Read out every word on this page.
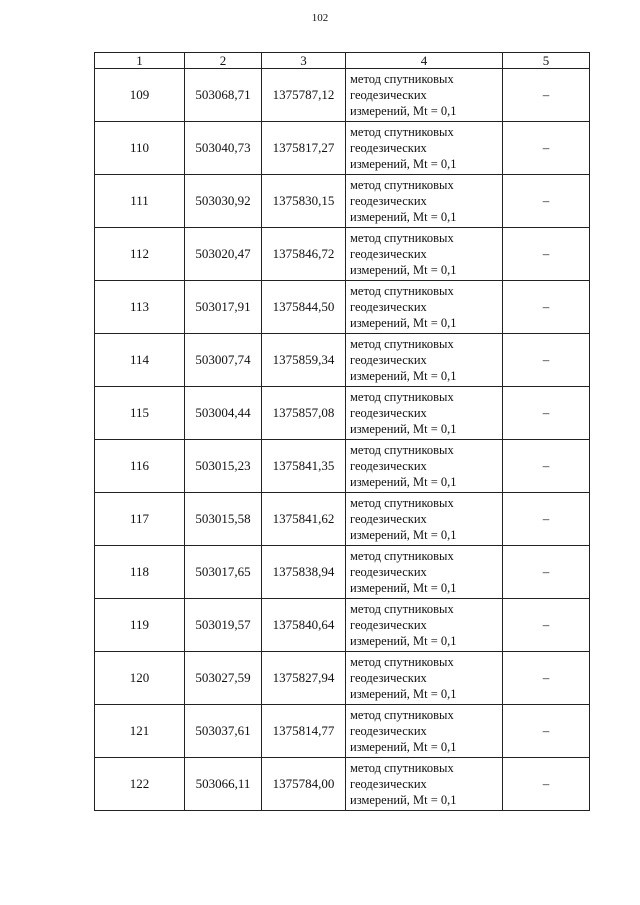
102
1	2	3	4	5
109	503068,71	1375787,12	метод спутниковых
геодезических
измерений, Mt = 0,1	–
110	503040,73	1375817,27	метод спутниковых
геодезических
измерений, Mt = 0,1	–
111	503030,92	1375830,15	метод спутниковых
геодезических
измерений, Mt = 0,1	–
112	503020,47	1375846,72	метод спутниковых
геодезических
измерений, Mt = 0,1	–
113	503017,91	1375844,50	метод спутниковых
геодезических
измерений, Mt = 0,1	–
114	503007,74	1375859,34	метод спутниковых
геодезических
измерений, Mt = 0,1	–
115	503004,44	1375857,08	метод спутниковых
геодезических
измерений, Mt = 0,1	–
116	503015,23	1375841,35	метод спутниковых
геодезических
измерений, Mt = 0,1	–
117	503015,58	1375841,62	метод спутниковых
геодезических
измерений, Mt = 0,1	–
118	503017,65	1375838,94	метод спутниковых
геодезических
измерений, Mt = 0,1	–
119	503019,57	1375840,64	метод спутниковых
геодезических
измерений, Mt = 0,1	–
120	503027,59	1375827,94	метод спутниковых
геодезических
измерений, Mt = 0,1	–
121	503037,61	1375814,77	метод спутниковых
геодезических
измерений, Mt = 0,1	–
122	503066,11	1375784,00	метод спутниковых
геодезических
измерений, Mt = 0,1	–
